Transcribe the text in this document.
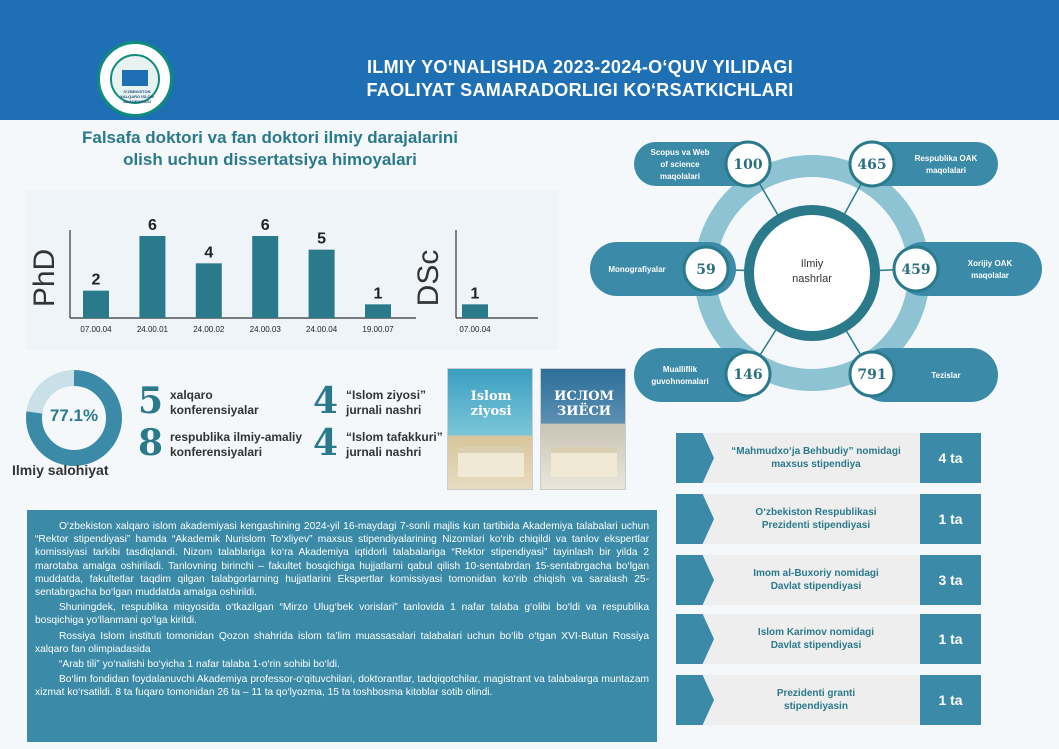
O'ZBEKISTON XALQARO ISLOM AKADEMIYASI
ILMIY YO‘NALISHDA 2023-2024-O‘QUV YILIDAGI
FAOLIYAT SAMARADORLIGI KO‘RSATKICHLARI
Falsafa doktori va fan doktori ilmiy darajalarini
olish uchun dissertatsiya himoyalari
PhD 2
07.00.04
6
24.00.01
4
24.00.02
6
24.00.03
5
24.00.04
1
19.00.07
DSc 1
07.00.04
77.1%
Ilmiy salohiyat
5 xalqaro
konferensiyalar
8 respublika ilmiy-amaliy
konferensiyalari
4 “Islom ziyosi”
jurnali nashri
4 “Islom tafakkuri”
jurnali nashri
Islom ziyosi
ИСЛОМ ЗИЁСИ

O‘zbekiston xalqaro islom akademiyasi kengashining 2024-yil 16-maydagi 7-sonli majlis kun tartibida Akademiya talabalari uchun “Rektor stipendiyasi” hamda “Akademik Nurislom To‘xliyev” maxsus stipendiyalarining Nizomlari ko‘rib chiqildi va tanlov ekspertlar komissiyasi tarkibi tasdiqlandi. Nizom talablariga ko‘ra Akademiya iqtidorli talabalariga “Rektor stipendiyasi” tayinlash bir yilda 2 marotaba amalga oshiriladi. Tanlovning birinchi – fakultet bosqichiga hujjatlarni qabul qilish 10-sentabrdan 15-sentabrgacha bo‘lgan muddatda, fakultetlar taqdim qilgan talabgorlarning hujjatlarini Ekspertlar komissiyasi tomonidan ko‘rib chiqish va saralash 25-sentabrgacha bo‘lgan muddatda amalga oshirildi.

Shuningdek, respublika miqyosida o‘tkazilgan “Mirzo Ulug‘bek vorislari” tanlovida 1 nafar talaba g‘olibi bo‘ldi va respublika bosqichiga yo‘llanmani qo‘lga kiritdi.

Rossiya Islom instituti tomonidan Qozon shahrida islom ta’lim muassasalari talabalari uchun bo‘lib o‘tgan XVI-Butun Rossiya xalqaro fan olimpiadasida

“Arab tili” yo‘nalishi bo‘yicha 1 nafar talaba 1-o‘rin sohibi bo‘ldi.

Bo‘lim fondidan foydalanuvchi Akademiya professor-o‘qituvchilari, doktorantlar, tadqiqotchilar, magistrant va talabalarga muntazam xizmat ko‘rsatildi. 8 ta fuqaro tomonidan 26 ta – 11 ta qo‘lyozma, 15 ta toshbosma kitoblar sotib olindi.

Ilmiy
nashrlar
100
Scopus va Web
of science
maqolalari
465	Respublika OAK
maqolalari
59
Monografiyalar	459	Xorijiy OAK
maqolalar
146
Mualliflik
guvohnomalari	791	Tezislar
“Mahmudxo‘ja Behbudiy” nomidagi
maxsus stipendiya	4 ta
O‘zbekiston Respublikasi
Prezidenti stipendiyasi	1 ta
Imom al-Buxoriy nomidagi
Davlat stipendiyasi	3 ta
Islom Karimov nomidagi
Davlat stipendiyasi	1 ta
Prezidenti granti
stipendiyasin	1 ta
